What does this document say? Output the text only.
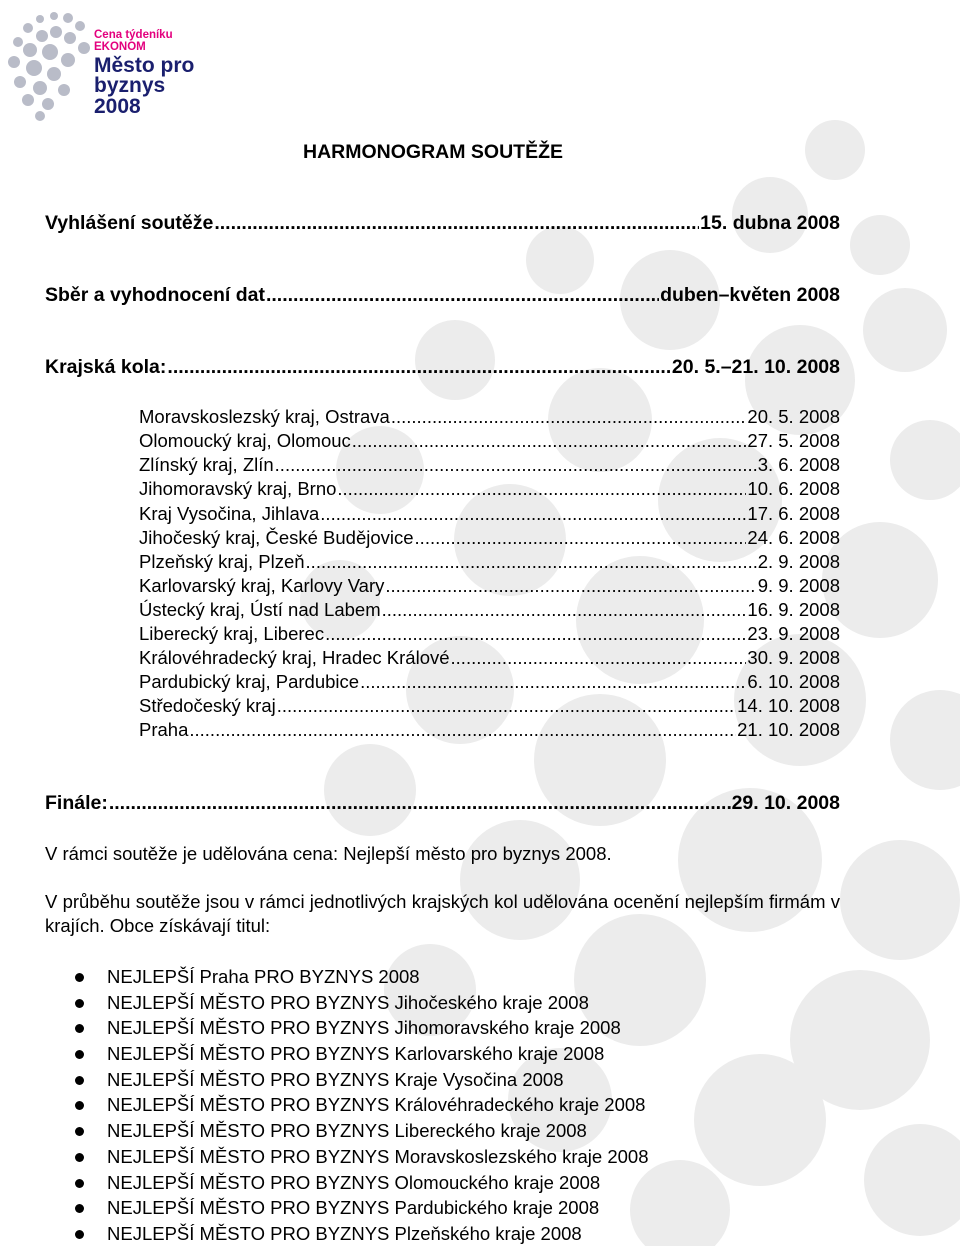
Cena týdeníku EKONOM
Město pro
byznys 2008
HARMONOGRAM SOUTĚŽE
Vyhlášení soutěže .....	15. dubna 2008
Sběr a vyhodnocení dat .....	duben–květen 2008
Krajská kola: .....	20. 5.–21. 10. 2008
Moravskoslezský kraj, Ostrava .....	20. 5. 2008
Olomoucký kraj, Olomouc .....	27. 5. 2008
Zlínský kraj, Zlín .....	3. 6. 2008
Jihomoravský kraj, Brno .....	10. 6. 2008
Kraj Vysočina, Jihlava .....	17. 6. 2008
Jihočeský kraj, České Budějovice .....	24. 6. 2008
Plzeňský kraj, Plzeň .....	2. 9. 2008
Karlovarský kraj, Karlovy Vary .....	9. 9. 2008
Ústecký kraj, Ústí nad Labem .....	16. 9. 2008
Liberecký kraj, Liberec .....	23. 9. 2008
Královéhradecký kraj, Hradec Králové .....	30. 9. 2008
Pardubický kraj, Pardubice .....	6. 10. 2008
Středočeský kraj .....	14. 10. 2008
Praha .....	21. 10. 2008
Finále: .....	29. 10. 2008
V rámci soutěže je udělována cena: Nejlepší město pro byznys 2008.
V průběhu soutěže jsou v rámci jednotlivých krajských kol udělována ocenění nejlepším firmám v krajích. Obce získávají titul:
NEJLEPŠÍ Praha PRO BYZNYS 2008
NEJLEPŠÍ MĚSTO PRO BYZNYS Jihočeského kraje 2008
NEJLEPŠÍ MĚSTO PRO BYZNYS Jihomoravského kraje 2008
NEJLEPŠÍ MĚSTO PRO BYZNYS Karlovarského kraje 2008
NEJLEPŠÍ MĚSTO PRO BYZNYS Kraje Vysočina 2008
NEJLEPŠÍ MĚSTO PRO BYZNYS Královéhradeckého kraje 2008
NEJLEPŠÍ MĚSTO PRO BYZNYS Libereckého kraje 2008
NEJLEPŠÍ MĚSTO PRO BYZNYS Moravskoslezského kraje 2008
NEJLEPŠÍ MĚSTO PRO BYZNYS Olomouckého kraje 2008
NEJLEPŠÍ MĚSTO PRO BYZNYS Pardubického kraje 2008
NEJLEPŠÍ MĚSTO PRO BYZNYS Plzeňského kraje 2008
